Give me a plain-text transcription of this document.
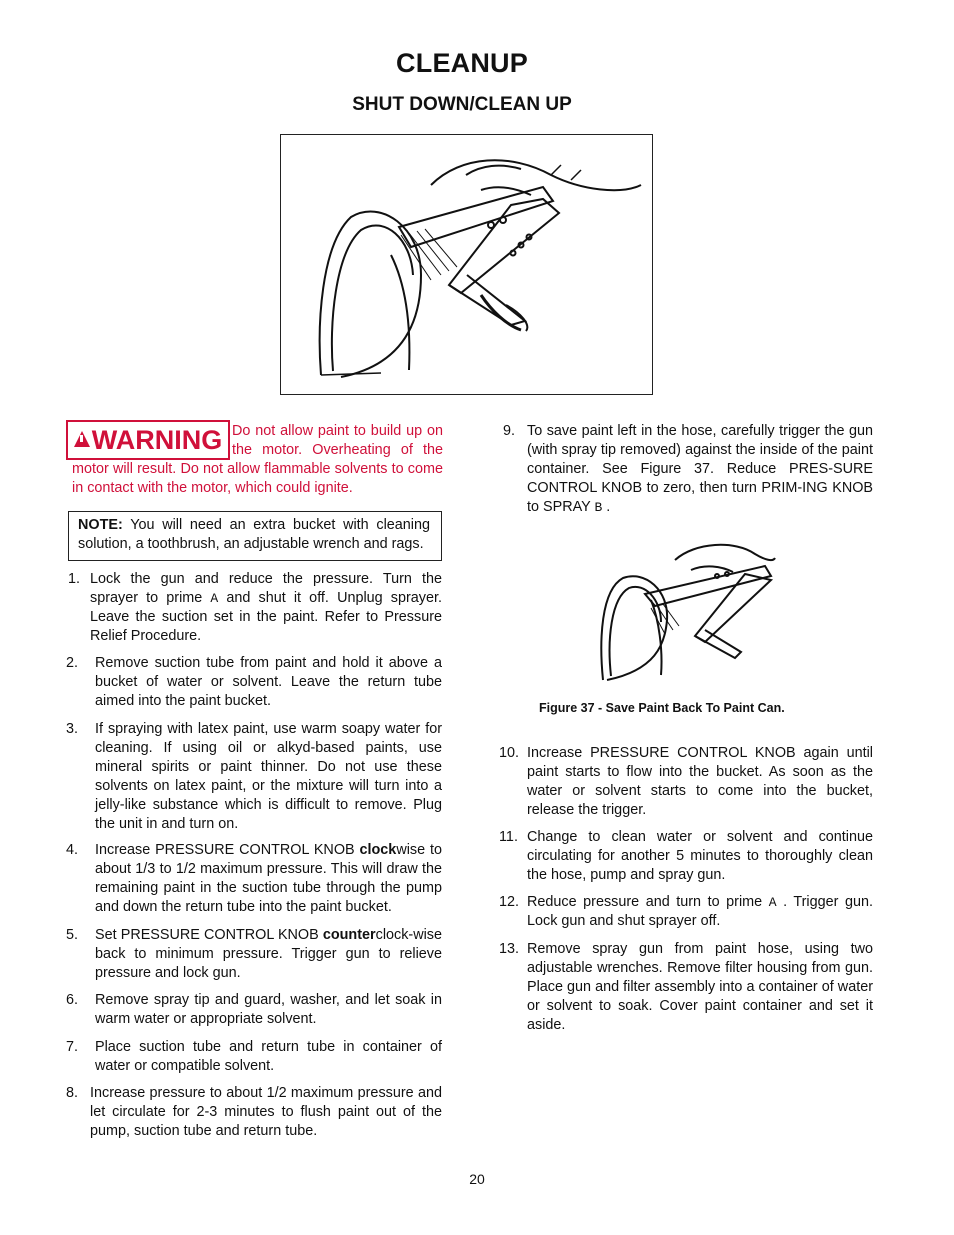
CLEANUP
SHUT DOWN/CLEAN UP
WARNING Do not allow paint to build up on the motor. Overheating of the motor will result. Do not allow flammable solvents to come in contact with the motor, which could ignite.
NOTE: You will need an extra bucket with cleaning solution, a toothbrush, an adjustable wrench and rags.
1. Lock the gun and reduce the pressure. Turn the sprayer to prime A and shut it off. Unplug sprayer. Leave the suction set in the paint. Refer to Pressure Relief Procedure.
2. Remove suction tube from paint and hold it above a bucket of water or solvent. Leave the return tube aimed into the paint bucket.
3. If spraying with latex paint, use warm soapy water for cleaning. If using oil or alkyd-based paints, use mineral spirits or paint thinner. Do not use these solvents on latex paint, or the mixture will turn into a jelly-like substance which is difficult to remove. Plug the unit in and turn on.
4. Increase PRESSURE CONTROL KNOB clockwise to about 1/3 to 1/2 maximum pressure. This will draw the remaining paint in the suction tube through the pump and down the return tube into the paint bucket.
5. Set PRESSURE CONTROL KNOB counterclock-wise back to minimum pressure. Trigger gun to relieve pressure and lock gun.
6. Remove spray tip and guard, washer, and let soak in warm water or appropriate solvent.
7. Place suction tube and return tube in container of water or compatible solvent.
8. Increase pressure to about 1/2 maximum pressure and let circulate for 2-3 minutes to flush paint out of the pump, suction tube and return tube.
9. To save paint left in the hose, carefully trigger the gun (with spray tip removed) against the inside of the paint container. See Figure 37. Reduce PRES-SURE CONTROL KNOB to zero, then turn PRIM-ING KNOB to SPRAY B .
Figure 37 - Save Paint Back To Paint Can.
10. Increase PRESSURE CONTROL KNOB again until paint starts to flow into the bucket. As soon as the water or solvent starts to come into the bucket, release the trigger.
11. Change to clean water or solvent and continue circulating for another 5 minutes to thoroughly clean the hose, pump and spray gun.
12. Reduce pressure and turn to prime A . Trigger gun. Lock gun and shut sprayer off.
13. Remove spray gun from paint hose, using two adjustable wrenches. Remove filter housing from gun. Place gun and filter assembly into a container of water or solvent to soak. Cover paint container and set it aside.
20
